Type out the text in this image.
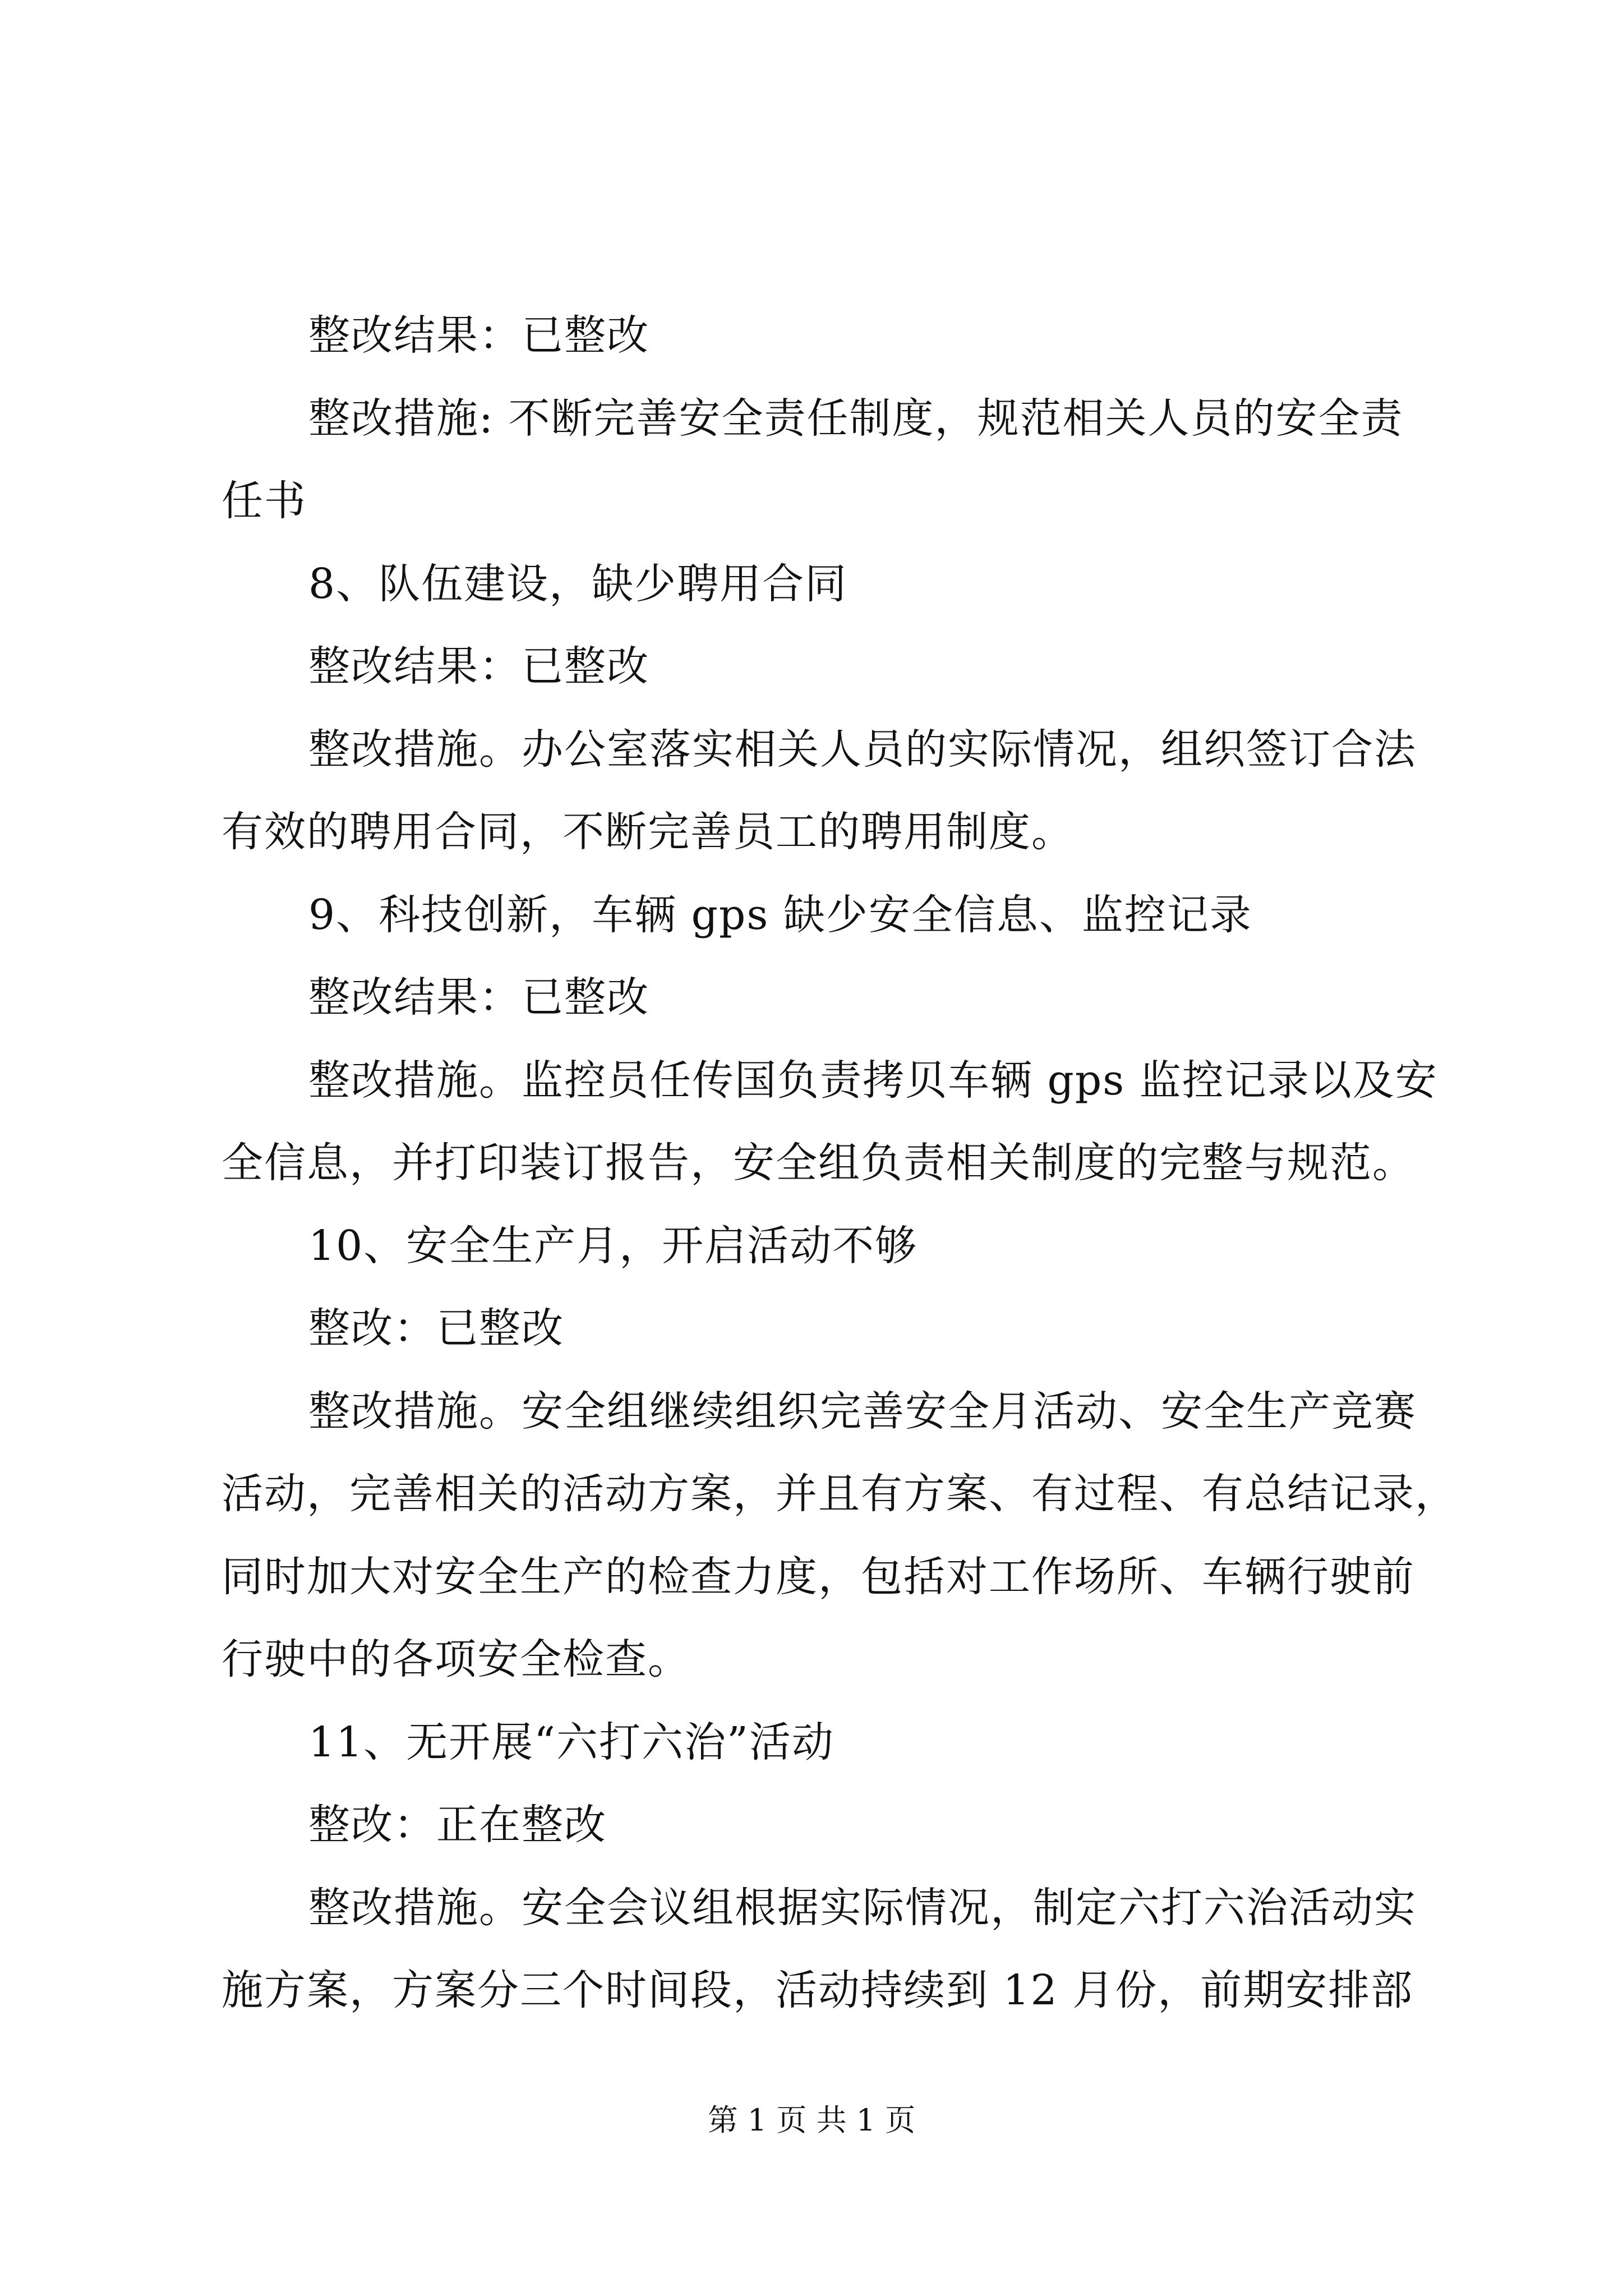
整改结果：已整改
整改措施: 不断完善安全责任制度，规范相关人员的安全责
任书
8、队伍建设，缺少聘用合同
整改结果：已整改
整改措施。办公室落实相关人员的实际情况，组织签订合法
有效的聘用合同，不断完善员工的聘用制度。
9、科技创新，车辆 gps 缺少安全信息、监控记录
整改结果：已整改
整改措施。监控员任传国负责拷贝车辆 gps 监控记录以及安
全信息，并打印装订报告，安全组负责相关制度的完整与规范。
10、安全生产月，开启活动不够
整改：已整改
整改措施。安全组继续组织完善安全月活动、安全生产竞赛
活动，完善相关的活动方案，并且有方案、有过程、有总结记录，
同时加大对安全生产的检查力度，包括对工作场所、车辆行驶前
行驶中的各项安全检查。
11、无开展“六打六治”活动
整改：正在整改
整改措施。安全会议组根据实际情况，制定六打六治活动实
施方案，方案分三个时间段，活动持续到 12 月份，前期安排部
第 1 页 共 1 页
